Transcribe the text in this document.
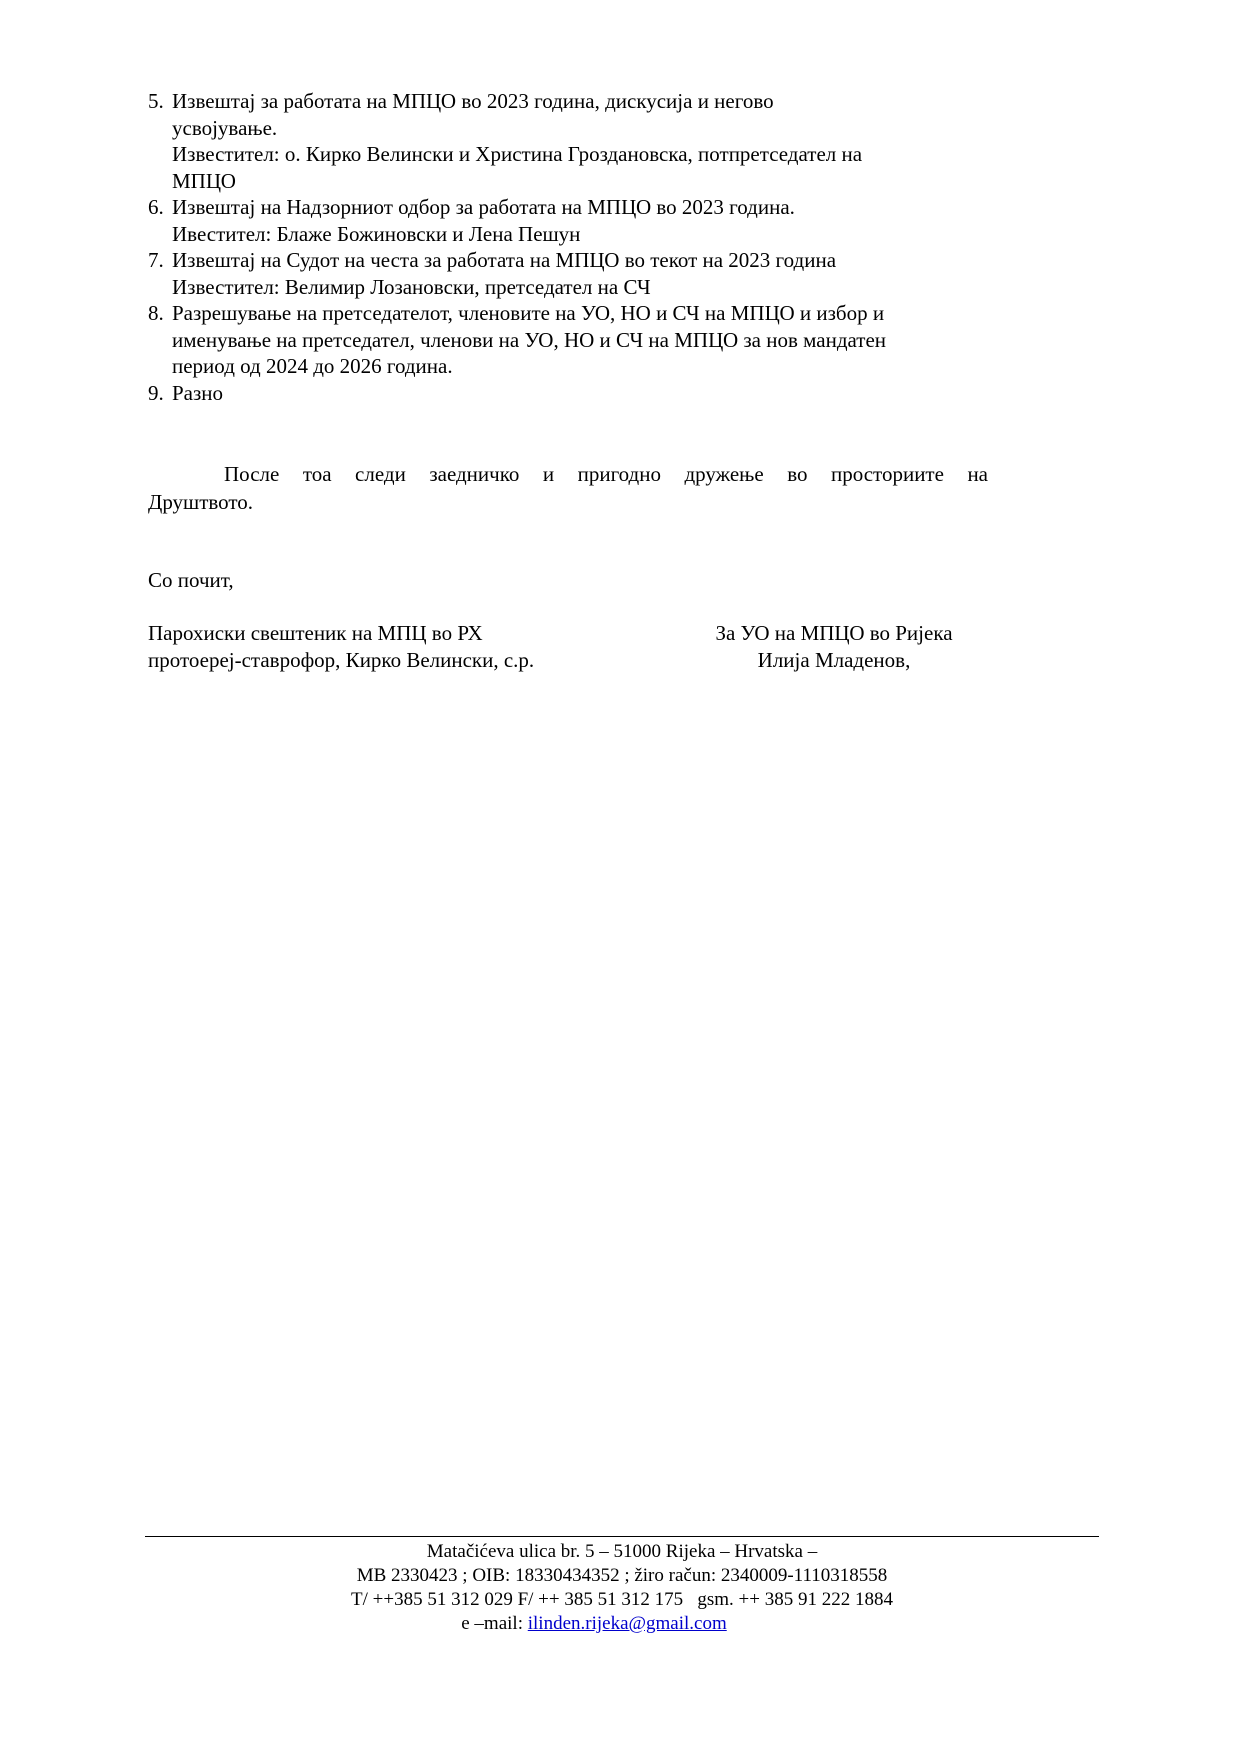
5. Извештај за работата на МПЦО во 2023 година, дискусија и негово
усвојување.
Известител: о. Кирко Велински и Христина Гроздановска, потпретседател на
МПЦО
6. Извештај на Надзорниот одбор за работата на МПЦО во 2023 година.
Ивеститeл: Блаже Божиновски и Лена Пешун
7. Извештај на Судот на честа за работата на МПЦО во текот на 2023 година
Известител: Велимир Лозановски, претседател на СЧ
8. Разрешување на претседателот, членовите на УО, НО и СЧ на МПЦО и избор и
именување на претседател, членови на УО, НО и СЧ на МПЦО за нов мандатен
период од 2024 до 2026 година.
9. Разно
После тоа следи заедничко и пригодно дружење во просториите на
Друштвото.
Со почит,
Парохиски свештеник на МПЦ во РХ
протоереј-ставрофор, Кирко Велински, с.р.
За УО на МПЦО во Ријека
Илија Младенов,
Matačićeva ulica br. 5 – 51000 Rijeka – Hrvatska –
MB 2330423 ; OIB: 18330434352 ; žiro račun: 2340009-1110318558
T/ ++385 51 312 029 F/ ++ 385 51 312 175   gsm. ++ 385 91 222 1884
e –mail: ilinden.rijeka@gmail.com
